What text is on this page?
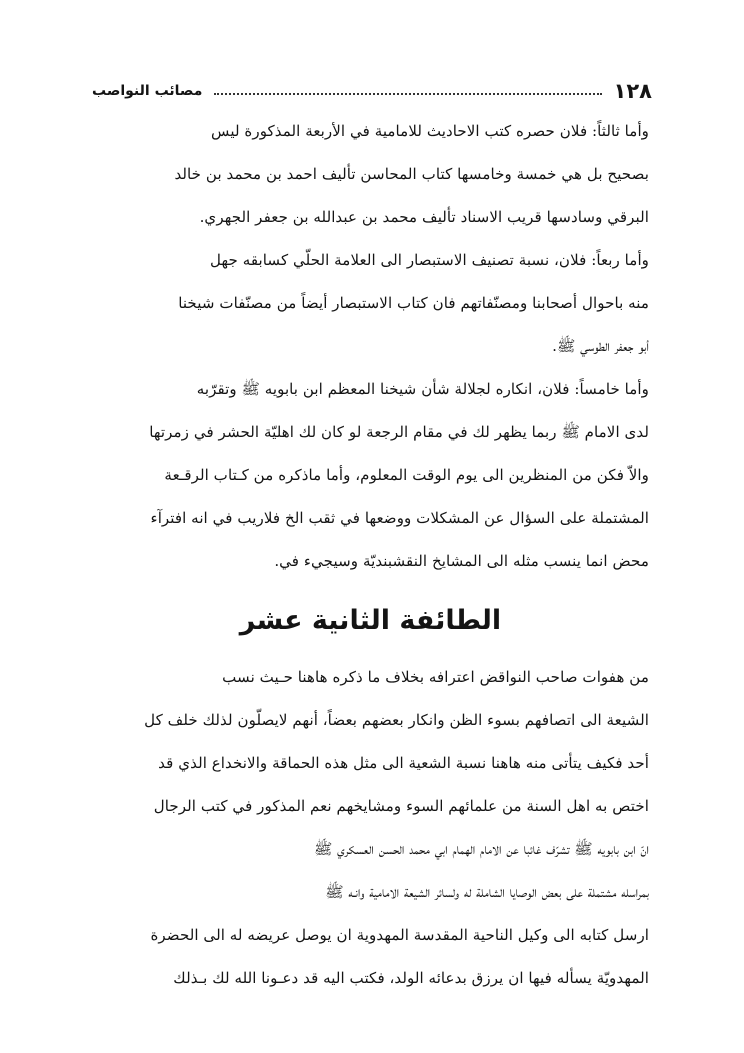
١٢٨
مصائب النواصب
وأما ثالثاً: فلان حصره كتب الاحاديث للامامية في الأربعة المذكورة ليس
بصحيح بل هي خمسة وخامسها كتاب المحاسن تأليف احمد بن محمد بن خالد
البرقي وسادسها قريب الاسناد تأليف محمد بن عبدالله بن جعفر الجهري.
وأما ربعاً: فلان، نسبة تصنيف الاستبصار الى العلامة الحلّي كسابقه جهل
منه باحوال أصحابنا ومصنّفاتهم فان كتاب الاستبصار أيضاً من مصنّفات شيخنا
أبو جعفر الطوسي ﷺ.
وأما خامساً: فلان، انكاره لجلالة شأن شيخنا المعظم ابن بابويه ﷺ وتقرّبه
لدى الامام ﷺ ربما يظهر لك في مقام الرجعة لو كان لك اهليّة الحشر في زمرتها
والاّ فكن من المنظرين الى يوم الوقت المعلوم، وأما ماذكره من كـتاب الرقـعة
المشتملة على السؤال عن المشكلات ووضعها في ثقب الخ فلاريب في انه افترآء
محض انما ينسب مثله الى المشايخ النقشبنديّة وسيجيء في.
الطائفة الثانية عشر
من هفوات صاحب النواقض اعترافه بخلاف ما ذكره هاهنا حـيث نسب
الشيعة الى اتصافهم بسوء الظن وانكار بعضهم بعضاً، أنهم لايصلّون لذلك خلف كل
أحد فكيف يتأتى منه هاهنا نسبة الشعية الى مثل هذه الحماقة والانخداع الذي قد
اختص به اهل السنة من علمائهم السوء ومشايخهم نعم المذكور في كتب الرجال
انّ ابن بابويه ﷺ تشرّف غائبا عن الامام الهمام ابي محمد الحسن العسكري ﷺ
بمراسله مشتملة على بعض الوصايا الشاملة له ولسائر الشيعة الامامية وانـه ﷺ
ارسل كتابه الى وكيل الناحية المقدسة المهدوية ان يوصل عريضه له الى الحضرة
المهدويّة يسأله فيها ان يرزق بدعائه الولد، فكتب اليه قد دعـونا الله لك بـذلك
